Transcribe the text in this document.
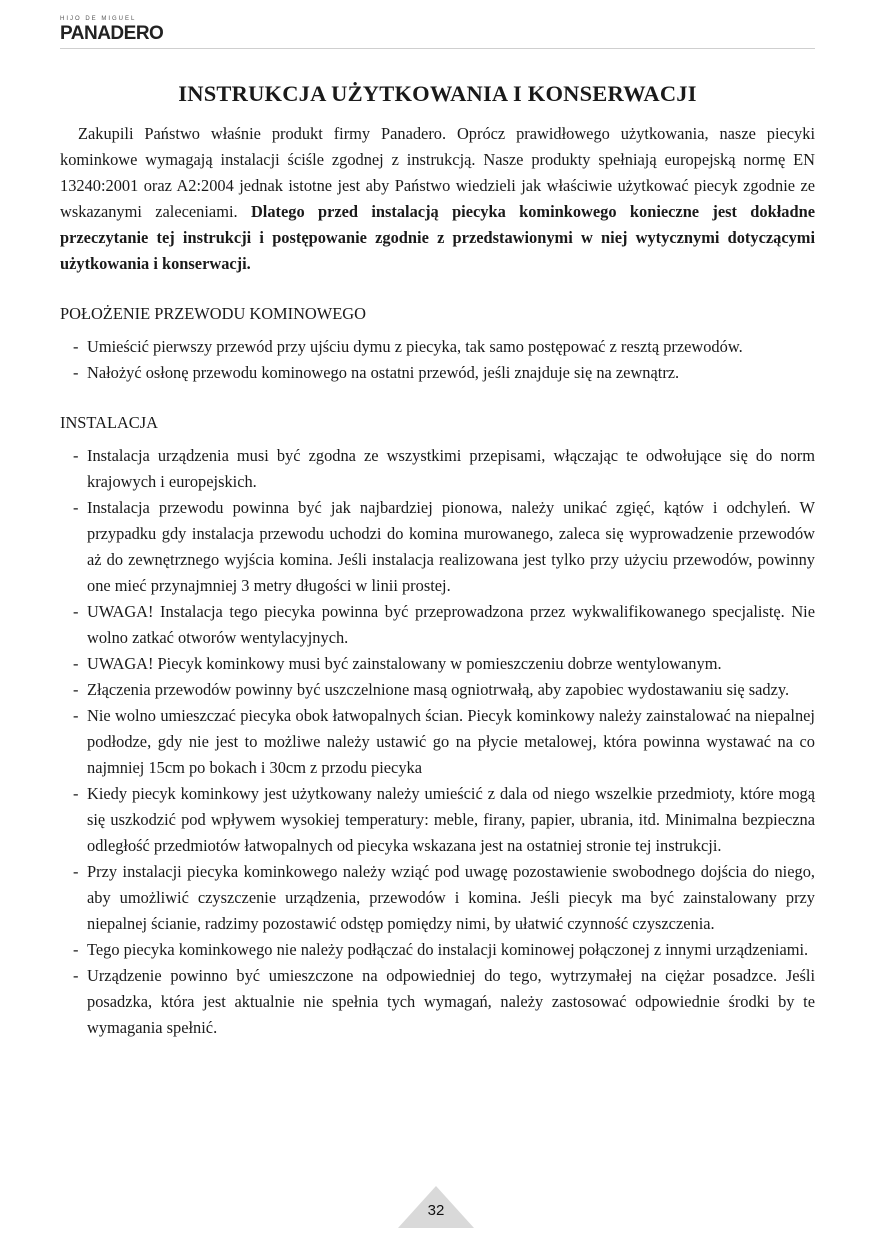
HIJO DE MIGUEL
PANADERO
INSTRUKCJA UŻYTKOWANIA I KONSERWACJI

Zakupili Państwo właśnie produkt firmy Panadero. Oprócz prawidłowego użytkowania, nasze piecyki kominkowe wymagają instalacji ściśle zgodnej z instrukcją. Nasze produkty spełniają europejską normę EN 13240:2001 oraz A2:2004 jednak istotne jest aby Państwo wiedzieli jak właściwie użytkować piecyk zgodnie ze wskazanymi zaleceniami. Dlatego przed instalacją piecyka kominkowego konieczne jest dokładne przeczytanie tej instrukcji i postępowanie zgodnie z przedstawionymi w niej wytycznymi dotyczącymi użytkowania i konserwacji.

POŁOŻENIE PRZEWODU KOMINOWEGO
- Umieścić pierwszy przewód przy ujściu dymu z piecyka, tak samo postępować z resztą przewodów.
- Nałożyć osłonę przewodu kominowego na ostatni przewód, jeśli znajduje się na zewnątrz.
INSTALACJA
- Instalacja urządzenia musi być zgodna ze wszystkimi przepisami, włączając te odwołujące się do norm krajowych i europejskich.
- Instalacja przewodu powinna być jak najbardziej pionowa, należy unikać zgięć, kątów i odchyleń. W przypadku gdy instalacja przewodu uchodzi do komina murowanego, zaleca się wyprowadzenie przewodów aż do zewnętrznego wyjścia komina. Jeśli instalacja realizowana jest tylko przy użyciu przewodów, powinny one mieć przynajmniej 3 metry długości w linii prostej.
- UWAGA! Instalacja tego piecyka powinna być przeprowadzona przez wykwalifikowanego specjalistę. Nie wolno zatkać otworów wentylacyjnych.
- UWAGA! Piecyk kominkowy musi być zainstalowany w pomieszczeniu dobrze wentylowanym.
- Złączenia przewodów powinny być uszczelnione masą ogniotrwałą, aby zapobiec wydostawaniu się sadzy.
- Nie wolno umieszczać piecyka obok łatwopalnych ścian. Piecyk kominkowy należy zainstalować na niepalnej podłodze, gdy nie jest to możliwe należy ustawić go na płycie metalowej, która powinna wystawać na co najmniej 15cm po bokach i 30cm z przodu piecyka
- Kiedy piecyk kominkowy jest użytkowany należy umieścić z dala od niego wszelkie przedmioty, które mogą się uszkodzić pod wpływem wysokiej temperatury: meble, firany, papier, ubrania, itd. Minimalna bezpieczna odległość przedmiotów łatwopalnych od piecyka wskazana jest na ostatniej stronie tej instrukcji.
- Przy instalacji piecyka kominkowego należy wziąć pod uwagę pozostawienie swobodnego dojścia do niego, aby umożliwić czyszczenie urządzenia, przewodów i komina. Jeśli piecyk ma być zainstalowany przy niepalnej ścianie, radzimy pozostawić odstęp pomiędzy nimi, by ułatwić czynność czyszczenia.
- Tego piecyka kominkowego nie należy podłączać do instalacji kominowej połączonej z innymi urządzeniami.
- Urządzenie powinno być umieszczone na odpowiedniej do tego, wytrzymałej na ciężar posadzce. Jeśli posadzka, która jest aktualnie nie spełnia tych wymagań, należy zastosować odpowiednie środki by te wymagania spełnić.
32
